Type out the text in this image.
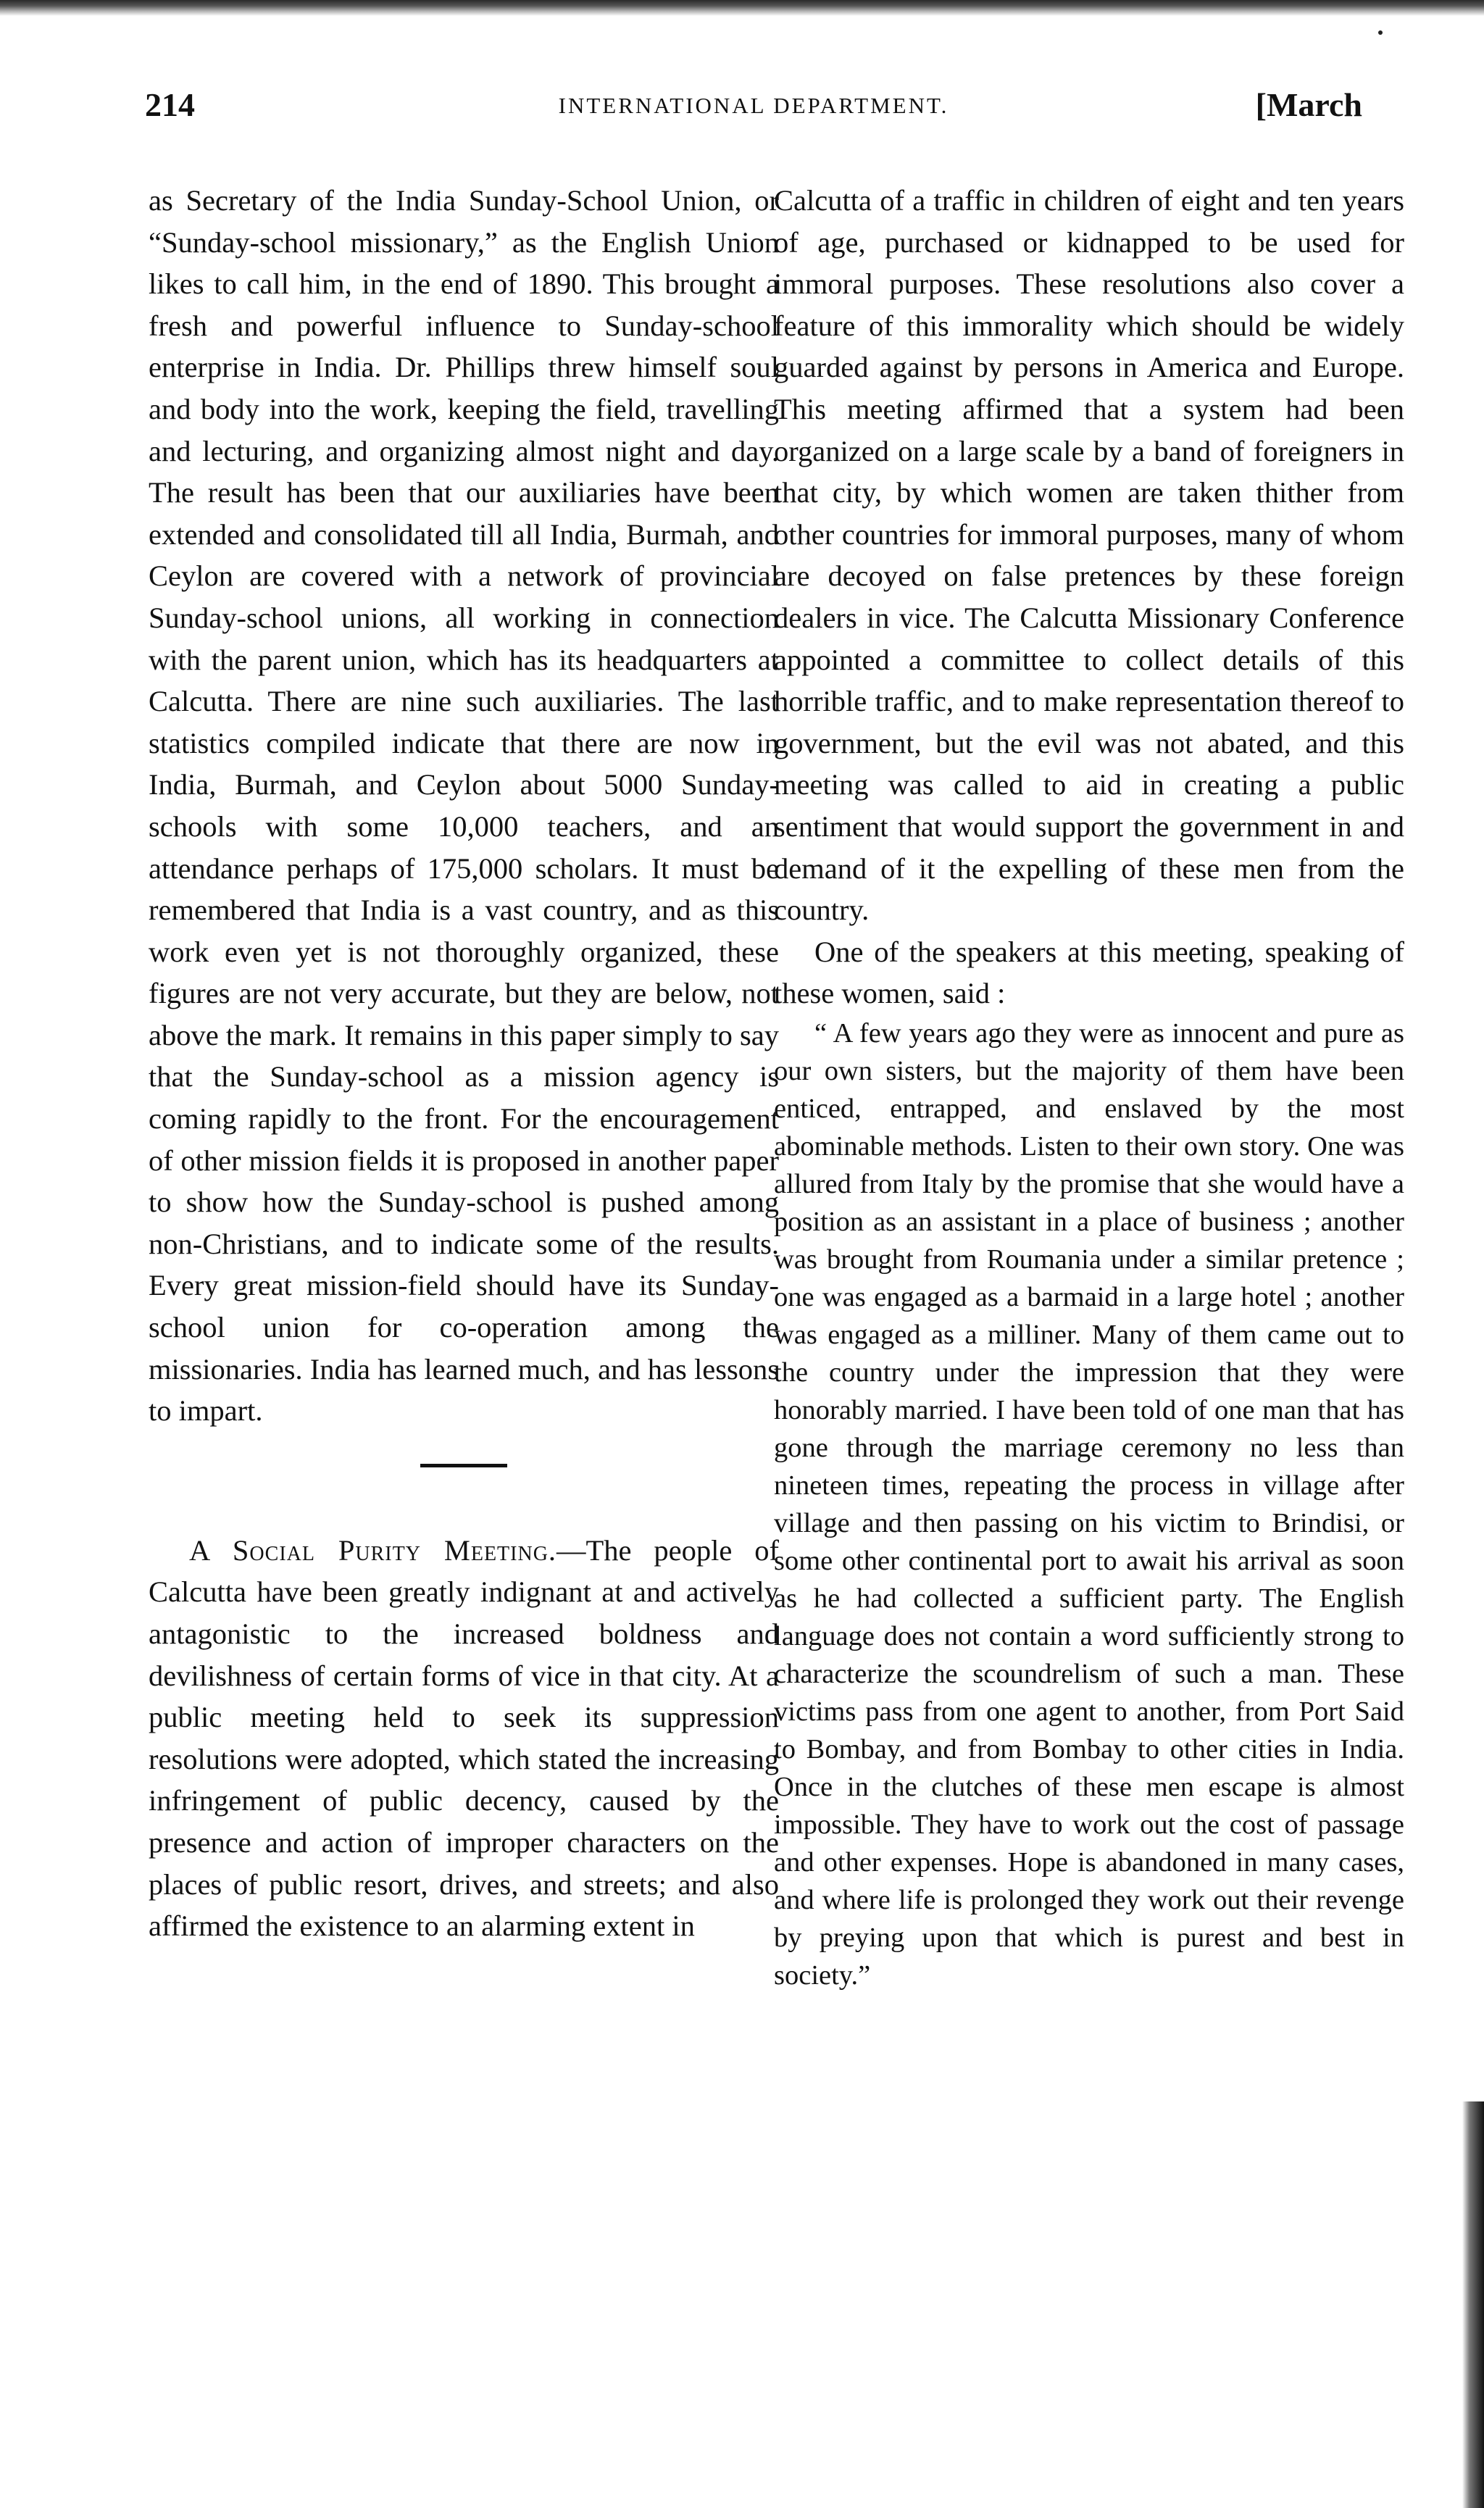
214	INTERNATIONAL DEPARTMENT.	[March

as Secretary of the India Sunday-School Union, or “Sunday-school missionary,” as the English Union likes to call him, in the end of 1890. This brought a fresh and powerful influence to Sunday-school enterprise in India. Dr. Phillips threw himself soul and body into the work, keeping the field, travelling and lecturing, and organizing almost night and day. The result has been that our auxiliaries have been extended and consolidated till all India, Burmah, and Ceylon are covered with a network of provincial Sunday-school unions, all working in connection with the parent union, which has its headquarters at Calcutta. There are nine such auxiliaries. The last statistics compiled indicate that there are now in India, Burmah, and Ceylon about 5000 Sunday-schools with some 10,000 teachers, and an attendance perhaps of 175,000 scholars. It must be remembered that India is a vast country, and as this work even yet is not thoroughly organized, these figures are not very accurate, but they are below, not above the mark. It remains in this paper simply to say that the Sunday-school as a mission agency is coming rapidly to the front. For the encouragement of other mission fields it is proposed in another paper to show how the Sunday-school is pushed among non-Christians, and to indicate some of the results. Every great mission-field should have its Sunday-school union for co-operation among the missionaries. India has learned much, and has lessons to impart.

A Social Purity Meeting.—The people of Calcutta have been greatly indignant at and actively antagonistic to the increased boldness and devilishness of certain forms of vice in that city. At a public meeting held to seek its suppression resolutions were adopted, which stated the increasing infringement of public decency, caused by the presence and action of improper characters on the places of public resort, drives, and streets; and also affirmed the existence to an alarming extent in

Calcutta of a traffic in children of eight and ten years of age, purchased or kidnapped to be used for immoral purposes. These resolutions also cover a feature of this immorality which should be widely guarded against by persons in America and Europe. This meeting affirmed that a system had been organized on a large scale by a band of foreigners in that city, by which women are taken thither from other countries for immoral purposes, many of whom are decoyed on false pretences by these foreign dealers in vice. The Calcutta Missionary Conference appointed a committee to collect details of this horrible traffic, and to make representation thereof to government, but the evil was not abated, and this meeting was called to aid in creating a public sentiment that would support the government in and demand of it the expelling of these men from the country.

One of the speakers at this meeting, speaking of these women, said :

“ A few years ago they were as innocent and pure as our own sisters, but the majority of them have been enticed, entrapped, and enslaved by the most abominable methods. Listen to their own story. One was allured from Italy by the promise that she would have a position as an assistant in a place of business ; another was brought from Roumania under a similar pretence ; one was engaged as a barmaid in a large hotel ; another was engaged as a milliner. Many of them came out to the country under the impression that they were honorably married. I have been told of one man that has gone through the marriage ceremony no less than nineteen times, repeating the process in village after village and then passing on his victim to Brindisi, or some other continental port to await his arrival as soon as he had collected a sufficient party. The English language does not contain a word sufficiently strong to characterize the scoundrelism of such a man. These victims pass from one agent to another, from Port Said to Bombay, and from Bombay to other cities in India. Once in the clutches of these men escape is almost impossible. They have to work out the cost of passage and other expenses. Hope is abandoned in many cases, and where life is prolonged they work out their revenge by preying upon that which is purest and best in society.”
